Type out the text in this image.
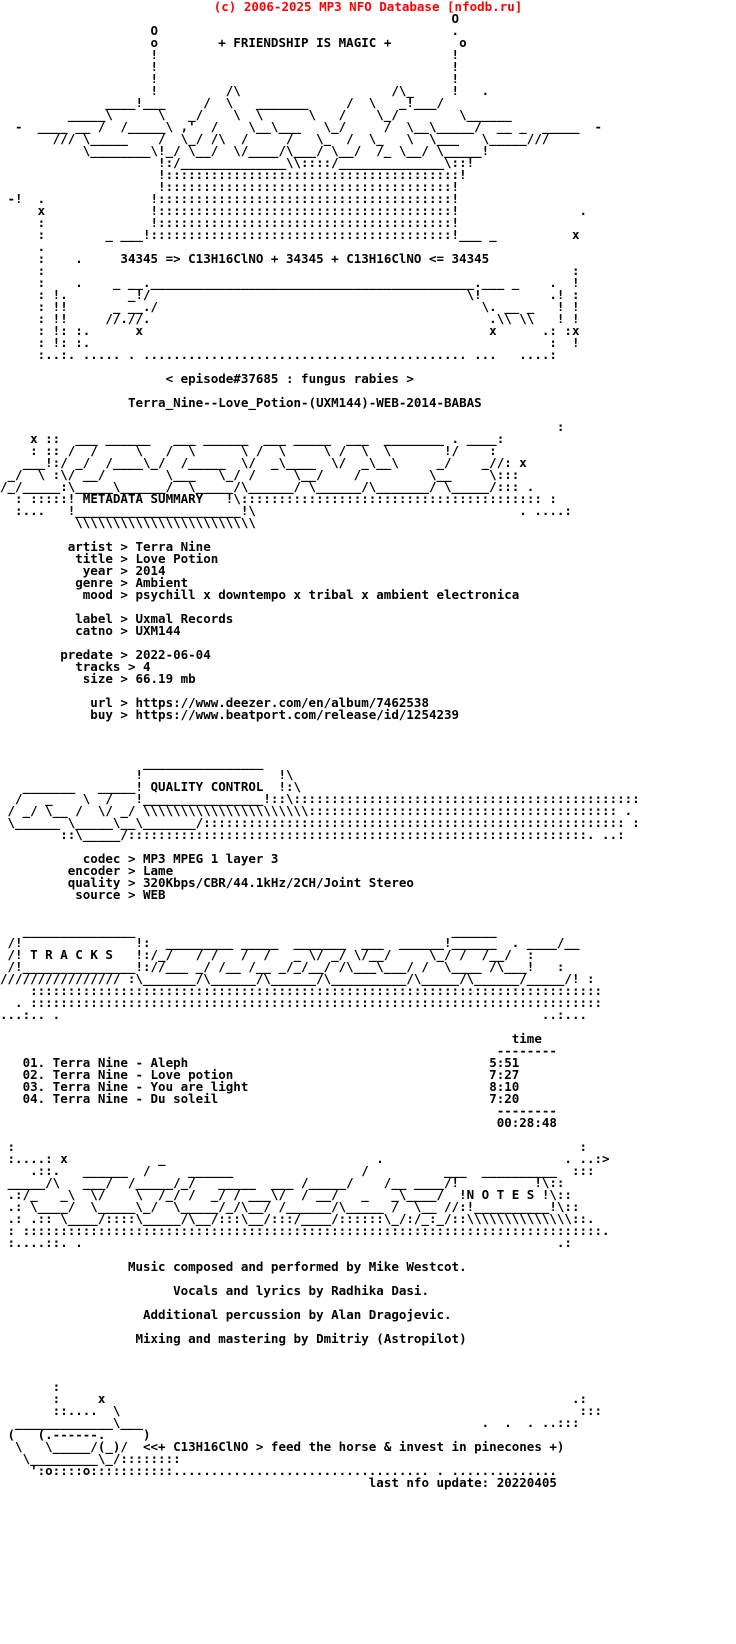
(c) 2006-2025 MP3 NFO Database [nfodb.ru]
O
O                                       .
o	+ FRIENDSHIP IS MAGIC +	o
!                                       !
!                                       !
!                                       !
!         /\                    /\_     !   .
____!___     /  \   _______     /  \   _!___/
_____\      \   _/    \  \      \   /    \_/        \______
-  ____ __ /  /_____\ ,'  /    \__\___   \_/     /  \__\_____/  __ _  _____  -
/// \_____    /  \_/ /\  /     /   \_  /  \_   \  \___   \_____///
\________\!_/ \__/  \/____/\___/ \__/  /_ \__/ \_____!
!:/______________\\::::/______________\::!
!:::::::::::::::::::::::::::::::::::::::!
!::::::::::::::::::::::::::::::::::::::!
-!  .              !:::::::::::::::::::::::::::::::::::::::!
x              !:::::::::::::::::::::::::::::::::::::::!                .
:              !:::::::::::::::::::::::::::::::::::::::!
:        _ ___!::::::::::::::::::::::::::::::::::::::::!___ _          x
.
:    .	34345 => C13H16ClNO + 34345 + C13H16ClNO <= 34345
:                                                                      :
:    .    _ __.___________________________________________.___ _    .  !
: !.        _!/                                          \!         .! :
: !!      _ __./                                           \. __ _   ! !
: !!     //.//.                                             .\\ \\   ! !
: !: :.      x                                              x      .: :x
: !: :.                                                             :  !
:..:. ..... . ........................................... ...   ....:

< episode#37685 : fungus rabies >

Terra_Nine--Love_Potion-(UXM144)-WEB-2014-BABAS

:
x ::  ___ ______   ___ ______  ___ _____  ___  ________ . ____:
: :: /  /     \   /  \      \ /  \     \ /  \  \       !/    :
___!:/ _/  /____\_/  /_____  \/  _\____  \/  _\__\     _/    _//: x
_/  \ :\/ __/        \___   \_/ /     \__/    /         \__     \:::
/_/_____:\_____\______/  \_____/\______/ \______/\_______/ \_____/::: .
: :::::! METADATA SUMMARY   !\:::::::::::::::::::::::::::::::::::::::: :
:...   !______________________!\                                   . ....:
\\\\\\\\\\\\\\\\\\\\\\\\

artist > Terra Nine
title > Love Potion
year > 2014
genre > Ambient
mood > psychill x downtempo x tribal x ambient electronica

label > Uxmal Records
catno > UXM144

predate > 2022-06-04
tracks > 4
size > 66.19 mb

url > https://www.deezer.com/en/album/7462538
buy > https://www.beatport.com/release/id/1254239

________________
!                  !\
_______   _____! QUALITY CONTROL  !:\
/   _    \  /   !________________!::\::::::::::::::::::::::::::::::::::::::::::::::
/ _/ \__ /  \/ _/ \\\\\\\\\\\\\\\\\\\\\\::::::::::::::::::::::::::::::::::::::::: .
\______ \_____\__\_______/:::::::::::::::::::::::::::::::::::::::::::::::::::::::: :
::\_____/:::::::::::::::::::::::::::::::::::::::::::::::::::::::::::::. ..:

codec > MP3 MPEG 1 layer 3
encoder > Lame
quality > 320Kbps/CBR/44.1kHz/2CH/Joint Stereo
source > WEB

_______________                                          ______
/!               !:  _________ _____  _______  ___  ______!______  . ____/__
/! T R A C K S   !:/_/   / /   /  /   _ \/ _/ \/__/     \_/ /  /__/  :
/!_______________!://___ _/ /__ /__ _/_/__/ /\___\___/ /  \____ /\___!   :
//////////////// :\_______/\______/\______/\__________/\_____/\______/_____/! :
::::::::::::::::::::::::::::::::::::::::::::::::::::::::::::::::::::::::::::
. ::::::::::::::::::::::::::::::::::::::::::::::::::::::::::::::::::::::::::::
...:.. .                                                                ..:...

time
--------
01. Terra Nine - Aleph	5:51
02. Terra Nine - Love potion	7:27
03. Terra Nine - You are light	8:10
04. Terra Nine - Du soleil	7:20
--------
00:28:48

:                                                                           :
:....: x            _                            .                        . ..:>
.::.   ______  /     ______                 /          ___  __________  :::
_____/\   ___/  /_____/_/   _____  ___ /_____/    /__ ____/!          !\::
.:/_   _\  \/    \  /_/ /  _/ / ___\/  / __/   _   _\____/  !N O T E S !\::
.: \____/  \_____\_/  \_____/_/\__/ /______/\_____ /  \__ //:!__________!\::
.: .:: \____/::::\_____/\__/:::\__/:::/____/::::::\_/:/_:_/::\\\\\\\\\\\\\\::.
: :::::::::::::::::::::::::::::::::::::::::::::::::::::::::::::::::::::::::::::.
:....::. .                                                               .:

Music composed and performed by Mike Westcot.

Vocals and lyrics by Radhika Dasi.

Additional percussion by Alan Dragojevic.

Mixing and mastering by Dmitriy (Astropilot)

:
:     x                                                              .:
::....  \                                                             :::
_____________\___                                             .  .  . ..:::
(   (.------.     )
\   \_____/(_)/  <<+ C13H16ClNO > feed the horse & invest in pinecones +)
\_________\_/::::::::
':o::::o:::::::::::.................................. . ..............
last nfo update: 20220405
